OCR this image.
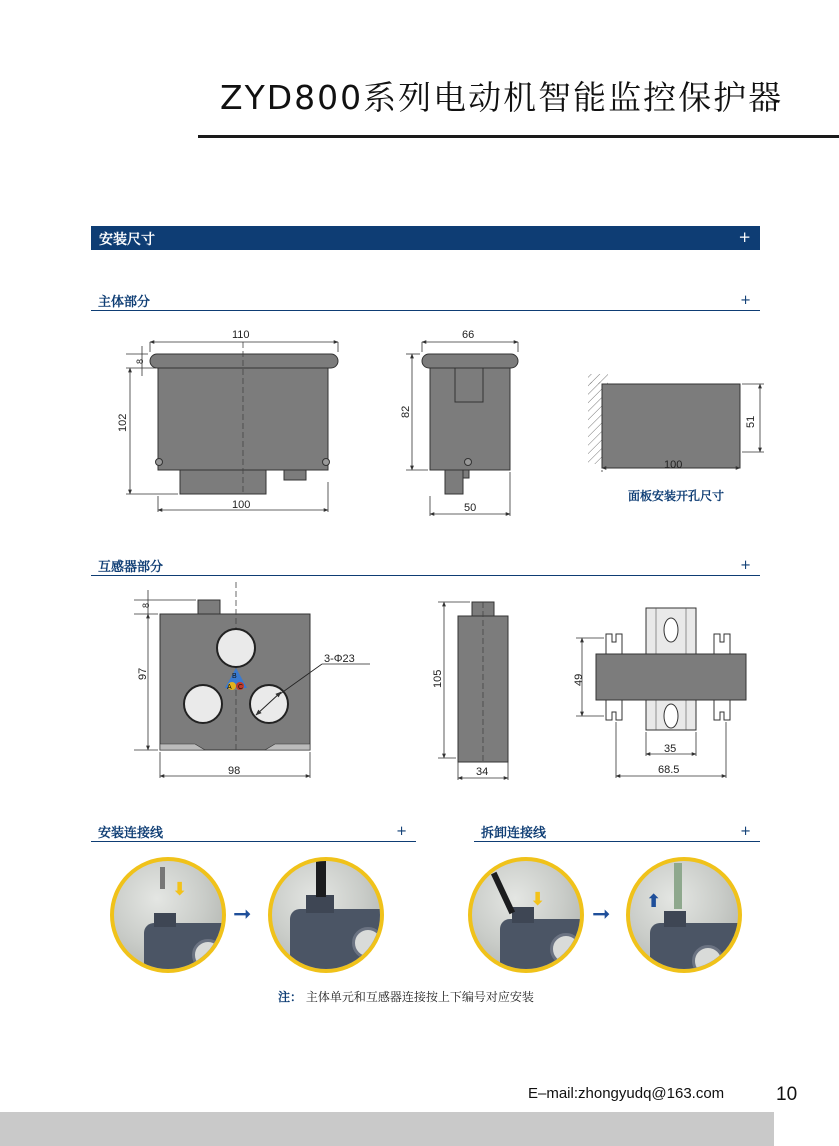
ZYD800系列电动机智能监控保护器
安装尺寸	+
主体部分	+
110
100
102
8
66
50
82
100
51
面板安装开孔尺寸
互感器部分	+
B
A C
3-Φ23
8
97
98
105
34
49
35
68.5
安装连接线	+	拆卸连接线	+
⬇
➞
⬇
➞
⬆
注： 主体单元和互感器连接按上下编号对应安装
E–mail:zhongyudq@163.com	10
